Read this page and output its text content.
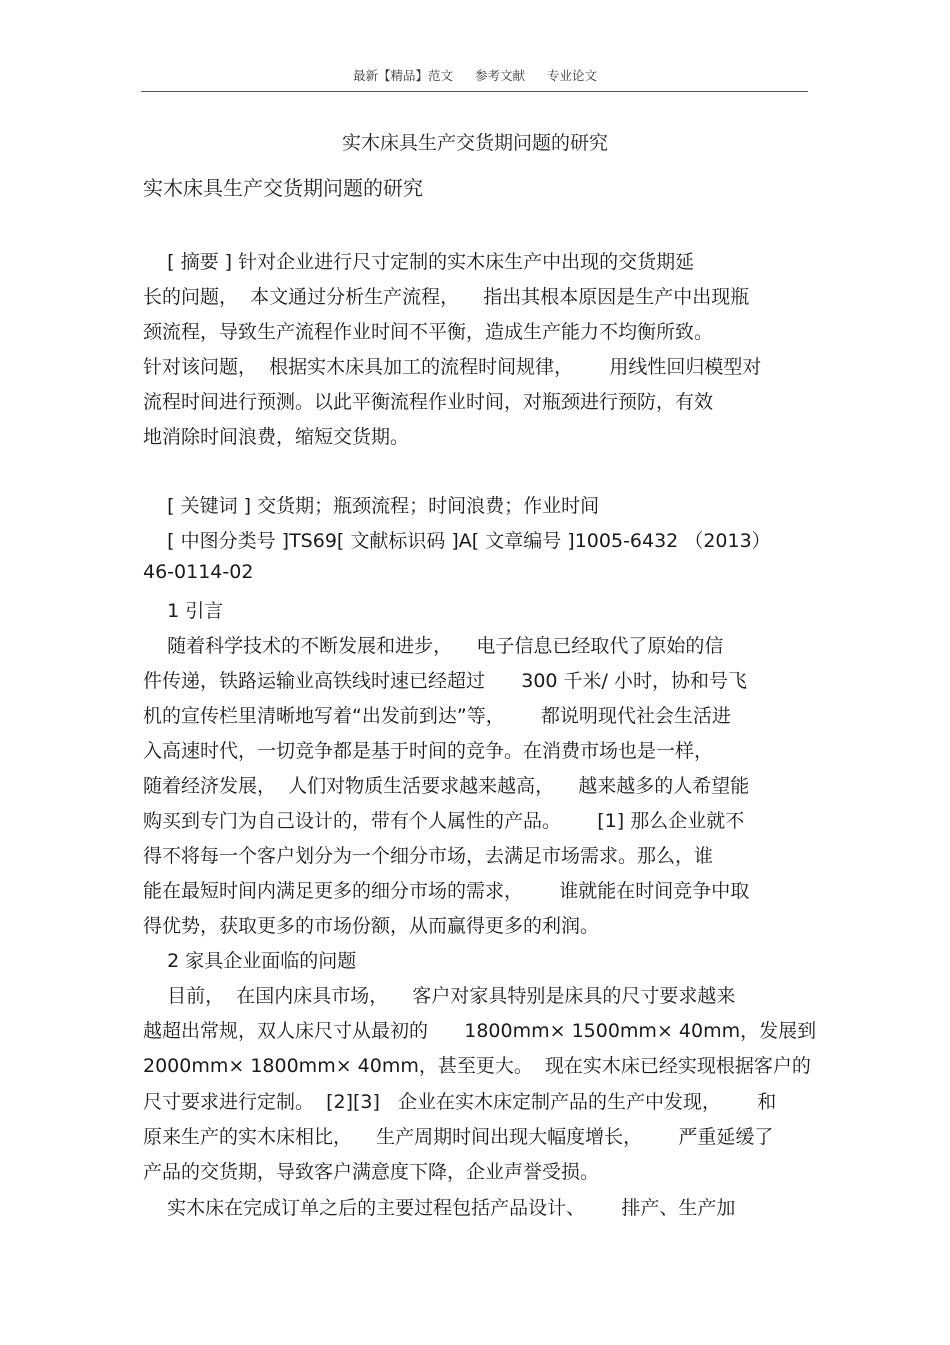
最新【精品】范文 参考文献 专业论文
实木床具生产交货期问题的研究
实木床具生产交货期问题的研究
[ 摘要 ] 针对企业进行尺寸定制的实木床生产中出现的交货期延
长的问题，  本文通过分析生产流程，    指出其根本原因是生产中出现瓶
颈流程，导致生产流程作业时间不平衡，造成生产能力不均衡所致。
针对该问题，  根据实木床具加工的流程时间规律，      用线性回归模型对
流程时间进行预测。以此平衡流程作业时间，对瓶颈进行预防，有效
地消除时间浪费，缩短交货期。
[ 关键词 ] 交货期；瓶颈流程；时间浪费；作业时间
[ 中图分类号 ]TS69[ 文献标识码 ]A[ 文章编号 ]1005-6432 （2013）
46-0114-02
1 引言
随着科学技术的不断发展和进步，    电子信息已经取代了原始的信
件传递，铁路运输业高铁线时速已经超过      300 千米/ 小时，协和号飞
机的宣传栏里清晰地写着“出发前到达”等，      都说明现代社会生活进
入高速时代，一切竞争都是基于时间的竞争。在消费市场也是一样，
随着经济发展，  人们对物质生活要求越来越高，    越来越多的人希望能
购买到专门为自己设计的，带有个人属性的产品。      [1] 那么企业就不
得不将每一个客户划分为一个细分市场，去满足市场需求。那么，谁
能在最短时间内满足更多的细分市场的需求，      谁就能在时间竞争中取
得优势，获取更多的市场份额，从而赢得更多的利润。
2 家具企业面临的问题
目前，  在国内床具市场，    客户对家具特别是床具的尺寸要求越来
越超出常规，双人床尺寸从最初的      1800mm× 1500mm× 40mm，发展到
2000mm× 1800mm× 40mm，甚至更大。  现在实木床已经实现根据客户的
尺寸要求进行定制。  [2][3]   企业在实木床定制产品的生产中发现，      和
原来生产的实木床相比，    生产周期时间出现大幅度增长，      严重延缓了
产品的交货期，导致客户满意度下降，企业声誉受损。
实木床在完成订单之后的主要过程包括产品设计、      排产、生产加
